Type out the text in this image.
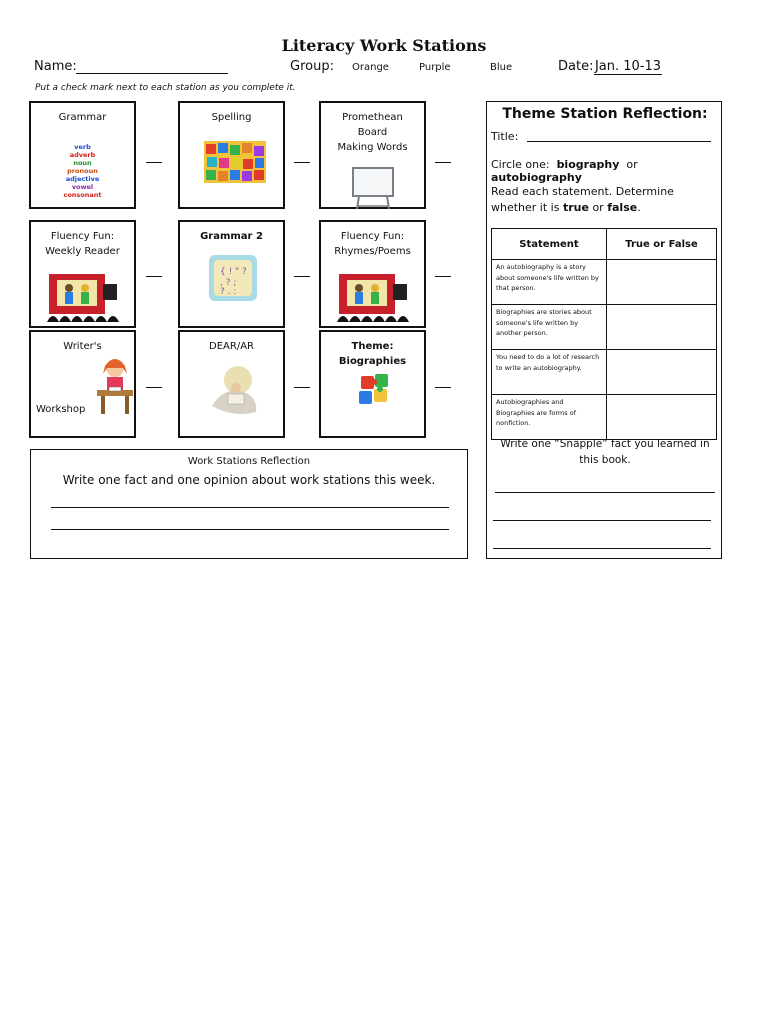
Literacy Work Stations
Name:	Group: Orange	Purple	Blue	Date: Jan. 10-13
Put a check mark next to each station as you complete it.
Grammar
verb
adverb
noun
pronoun
adjective
vowel
consonant
Spelling	Promethean
Board
Making Words
Fluency Fun:
Weekly Reader
Grammar 2
{ ! " ?
, ? ;
? . :
Fluency Fun:
Rhymes/Poems
Writer's
Workshop
DEAR/AR	Theme: Biographies
Theme Station Reflection:
Title:
Circle one: biography or  autobiography
Read each statement. Determine
whether it is true or false.
Statement	True or False
An autobiography is a story about someone's life written by that person.	
Biographies are stories about someone's life written by another person.	
You need to do a lot of research to write an autobiography.	
Autobiographies and Biographies are forms of nonfiction.	
Write one “Snapple” fact you learned in
this book.
Work Stations Reflection
Write one fact and one opinion about work stations this week.
